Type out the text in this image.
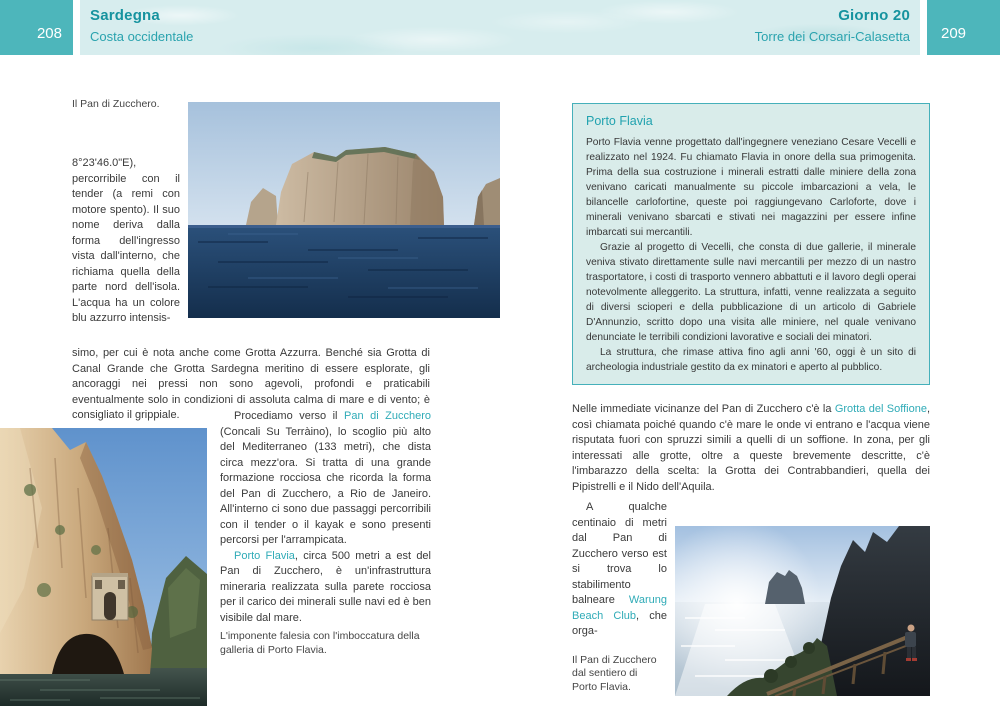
208
Sardegna
Costa occidentale
Giorno 20
Torre dei Corsari-Calasetta	209
Il Pan di Zucchero.
8°23'46.0"E), percorribile con il tender (a remi con motore spento). Il suo nome deriva dalla forma dell'ingresso vista dall'interno, che richiama quella della parte nord dell'isola. L'acqua ha un colore blu azzurro intensis-
simo, per cui è nota anche come Grotta Azzurra. Benché sia Grotta di Canal Grande che Grotta Sardegna meritino di essere esplorate, gli ancoraggi nei pressi non sono agevoli, profondi e praticabili eventualmente solo in condizioni di assoluta calma di mare e di vento; è consigliato il grippiale.	Procediamo verso il Pan di Zucchero (Concali Su Terràino), lo scoglio più alto del Mediterraneo (133 metri), che dista circa mezz'ora. Si tratta di una grande formazione rocciosa che ricorda la forma del Pan di Zucchero, a Rio de Janeiro. All'interno ci sono due passaggi percorribili con il tender o il kayak e sono presenti percorsi per l'arrampicata.

Porto Flavia, circa 500 metri a est del Pan di Zucchero, è un'infrastruttura mineraria realizzata sulla parete rocciosa per il carico dei minerali sulle navi ed è ben visibile dal mare.

L'imponente falesia con l'imboccatura della galleria di Porto Flavia.
Porto Flavia

Porto Flavia venne progettato dall'ingegnere veneziano Cesare Vecelli e realizzato nel 1924. Fu chiamato Flavia in onore della sua primogenita. Prima della sua costruzione i minerali estratti dalle miniere della zona venivano caricati manualmente su piccole imbarcazioni a vela, le bilancelle carlofortine, queste poi raggiungevano Carloforte, dove i minerali venivano sbarcati e stivati nei magazzini per essere infine imbarcati sui mercantili.

Grazie al progetto di Vecelli, che consta di due gallerie, il minerale veniva stivato direttamente sulle navi mercantili per mezzo di un nastro trasportatore, i costi di trasporto vennero abbattuti e il lavoro degli operai notevolmente alleggerito. La struttura, infatti, venne realizzata a seguito di diversi scioperi e della pubblicazione di un articolo di Gabriele D'Annunzio, scritto dopo una visita alle miniere, nel quale venivano denunciate le terribili condizioni lavorative e sociali dei minatori.

La struttura, che rimase attiva fino agli anni '60, oggi è un sito di archeologia industriale gestito da ex minatori e aperto al pubblico.

Nelle immediate vicinanze del Pan di Zucchero c'è la Grotta del Soffione, così chiamata poiché quando c'è mare le onde vi entrano e l'acqua viene risputata fuori con spruzzi simili a quelli di un soffione. In zona, per gli interessati alle grotte, oltre a queste brevemente descritte, c'è l'imbarazzo della scelta: la Grotta dei Contrabbandieri, quella dei Pipistrelli e il Nido dell'Aquila.

A qualche centinaio di metri dal Pan di Zucchero verso est si trova lo stabilimento balneare Warung Beach Club, che orga-

Il Pan di Zucchero dal sentiero di Porto Flavia.
